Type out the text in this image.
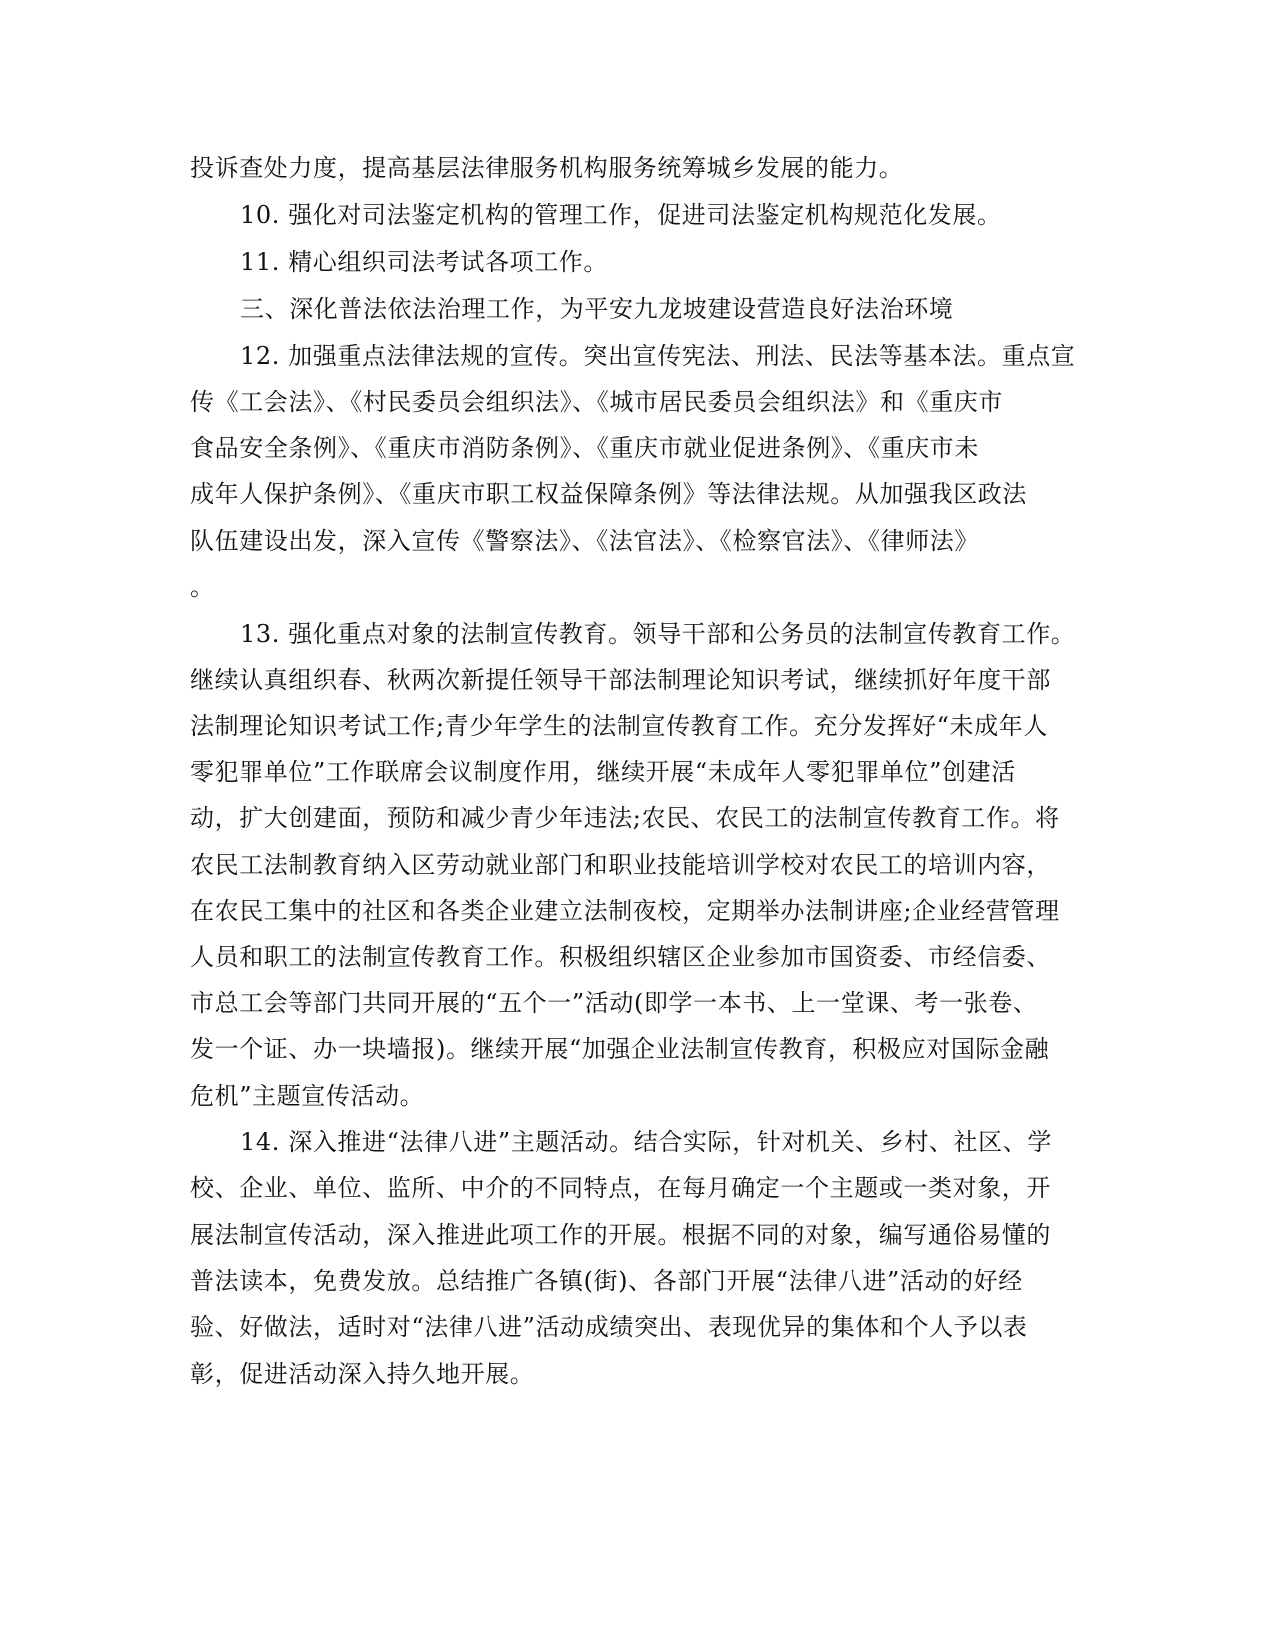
投诉查处力度，提高基层法律服务机构服务统筹城乡发展的能力。
10. 强化对司法鉴定机构的管理工作，促进司法鉴定机构规范化发展。
11. 精心组织司法考试各项工作。
三、深化普法依法治理工作，为平安九龙坡建设营造良好法治环境
12. 加强重点法律法规的宣传。突出宣传宪法、刑法、民法等基本法。重点宣
传《工会法》、《村民委员会组织法》、《城市居民委员会组织法》和《重庆市
食品安全条例》、《重庆市消防条例》、《重庆市就业促进条例》、《重庆市未
成年人保护条例》、《重庆市职工权益保障条例》等法律法规。从加强我区政法
队伍建设出发，深入宣传《警察法》、《法官法》、《检察官法》、《律师法》
。
13. 强化重点对象的法制宣传教育。领导干部和公务员的法制宣传教育工作。
继续认真组织春、秋两次新提任领导干部法制理论知识考试，继续抓好年度干部
法制理论知识考试工作;青少年学生的法制宣传教育工作。充分发挥好“未成年人
零犯罪单位”工作联席会议制度作用，继续开展“未成年人零犯罪单位”创建活
动，扩大创建面，预防和减少青少年违法;农民、农民工的法制宣传教育工作。将
农民工法制教育纳入区劳动就业部门和职业技能培训学校对农民工的培训内容，
在农民工集中的社区和各类企业建立法制夜校，定期举办法制讲座;企业经营管理
人员和职工的法制宣传教育工作。积极组织辖区企业参加市国资委、市经信委、
市总工会等部门共同开展的“五个一”活动(即学一本书、上一堂课、考一张卷、
发一个证、办一块墙报)。继续开展“加强企业法制宣传教育，积极应对国际金融
危机”主题宣传活动。
14. 深入推进“法律八进”主题活动。结合实际，针对机关、乡村、社区、学
校、企业、单位、监所、中介的不同特点，在每月确定一个主题或一类对象，开
展法制宣传活动，深入推进此项工作的开展。根据不同的对象，编写通俗易懂的
普法读本，免费发放。总结推广各镇(街)、各部门开展“法律八进”活动的好经
验、好做法，适时对“法律八进”活动成绩突出、表现优异的集体和个人予以表
彰，促进活动深入持久地开展。
